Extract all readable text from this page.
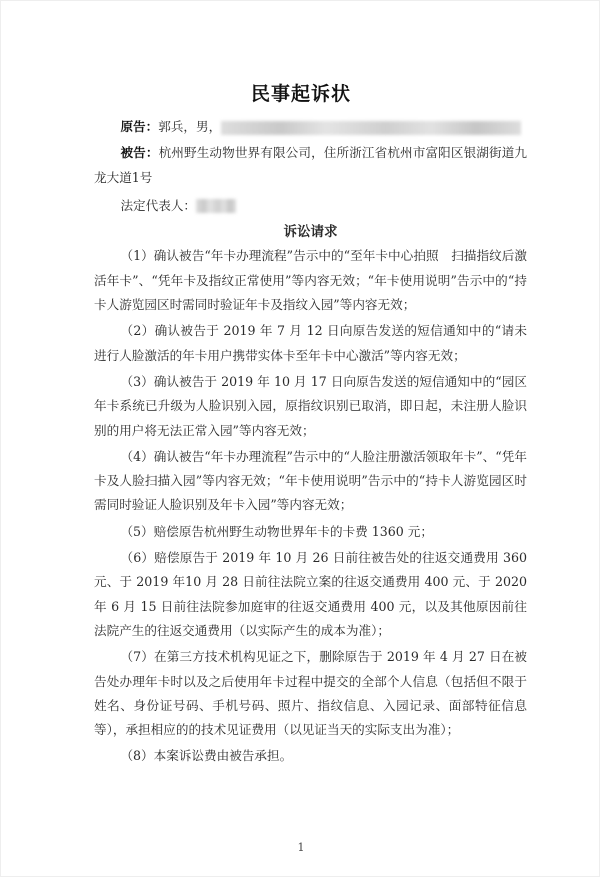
民事起诉状

原告：郭兵，男，

被告：杭州野生动物世界有限公司，住所浙江省杭州市富阳区银湖街道九龙大道1号

法定代表人：

诉讼请求

（1）确认被告“年卡办理流程”告示中的“至年卡中心拍照　扫描指纹后激活年卡”、“凭年卡及指纹正常使用”等内容无效；“年卡使用说明”告示中的“持卡人游览园区时需同时验证年卡及指纹入园”等内容无效；

（2）确认被告于 2019 年 7 月 12 日向原告发送的短信通知中的“请未进行人脸激活的年卡用户携带实体卡至年卡中心激活”等内容无效；

（3）确认被告于 2019 年 10 月 17 日向原告发送的短信通知中的“园区年卡系统已升级为人脸识别入园，原指纹识别已取消，即日起，未注册人脸识别的用户将无法正常入园”等内容无效；

（4）确认被告“年卡办理流程”告示中的“人脸注册激活领取年卡”、“凭年卡及人脸扫描入园”等内容无效；“年卡使用说明”告示中的“持卡人游览园区时需同时验证人脸识别及年卡入园”等内容无效；

（5）赔偿原告杭州野生动物世界年卡的卡费 1360 元；

（6）赔偿原告于 2019 年 10 月 26 日前往被告处的往返交通费用 360 元、于 2019 年10 月 28 日前往法院立案的往返交通费用 400 元、于 2020 年 6 月 15 日前往法院参加庭审的往返交通费用 400 元，以及其他原因前往法院产生的往返交通费用（以实际产生的成本为准）；

（7）在第三方技术机构见证之下，删除原告于 2019 年 4 月 27 日在被告处办理年卡时以及之后使用年卡过程中提交的全部个人信息（包括但不限于姓名、身份证号码、手机号码、照片、指纹信息、入园记录、面部特征信息等），承担相应的的技术见证费用（以见证当天的实际支出为准）；

（8）本案诉讼费由被告承担。

1
